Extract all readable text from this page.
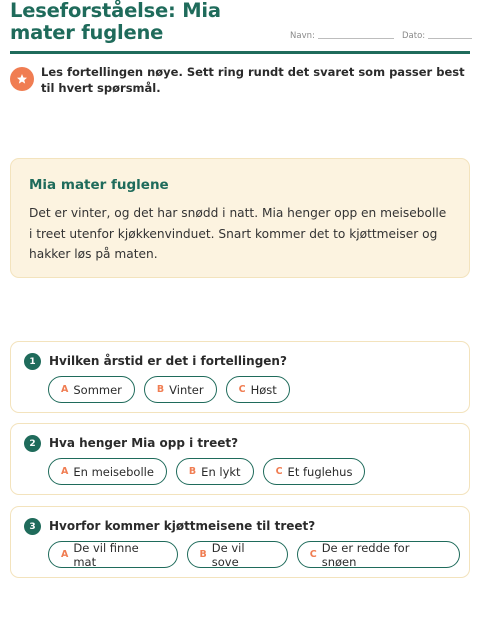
Leseforståelse: Mia mater fuglene	Navn:	Dato:
Les fortellingen nøye. Sett ring rundt det svaret som passer best til hvert spørsmål.
Mia mater fuglene
Det er vinter, og det har snødd i natt. Mia henger opp en meisebolle i treet utenfor kjøkkenvinduet. Snart kommer det to kjøttmeiser og hakker løs på maten.
1	Hvilken årstid er det i fortellingen?
A Sommer	B Vinter	C Høst
2	Hva henger Mia opp i treet?
A En meisebolle	B En lykt	C Et fuglehus
3	Hvorfor kommer kjøttmeisene til treet?
A De vil finne mat	B De vil sove	C De er redde for snøen
